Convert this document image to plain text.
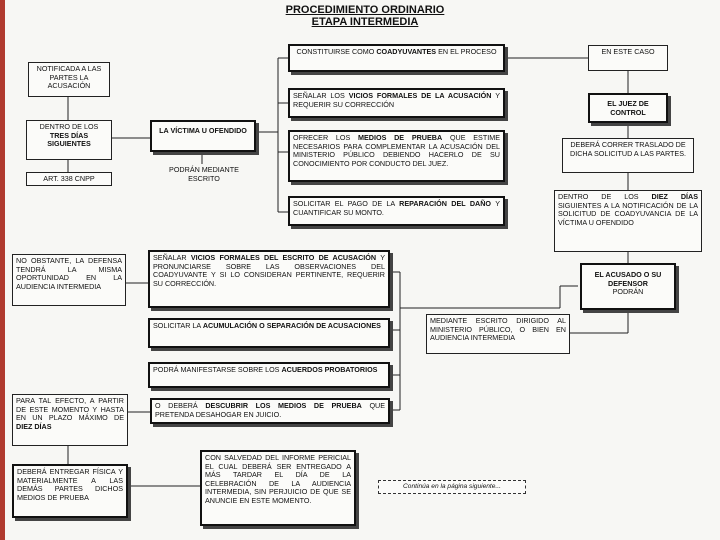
PROCEDIMIENTO ORDINARIO
ETAPA INTERMEDIA
NOTIFICADA A LAS PARTES LA ACUSACIÓN
DENTRO DE LOS TRES DÍAS SIGUIENTES
ART. 338 CNPP
LA VÍCTIMA U OFENDIDO
PODRÁN MEDIANTE ESCRITO
CONSTITUIRSE COMO COADYUVANTES EN EL PROCESO
SEÑALAR LOS VICIOS FORMALES DE LA ACUSACIÓN Y REQUERIR SU CORRECCIÓN
OFRECER LOS MEDIOS DE PRUEBA QUE ESTIME NECESARIOS PARA COMPLEMENTAR LA ACUSACIÓN DEL MINISTERIO PÚBLICO DEBIENDO HACERLO DE SU CONOCIMIENTO POR CONDUCTO DEL JUEZ.
SOLICITAR EL PAGO DE LA REPARACIÓN DEL DAÑO Y CUANTIFICAR SU MONTO.
EN ESTE CASO
EL JUEZ DE CONTROL
DEBERÁ CORRER TRASLADO DE DICHA SOLICITUD A LAS PARTES.
DENTRO DE LOS DIEZ DÍAS SIGUIENTES A LA NOTIFICACIÓN DE LA SOLICITUD DE COADYUVANCIA DE LA VÍCTIMA U OFENDIDO
EL ACUSADO O SU DEFENSOR
PODRÁN
NO OBSTANTE, LA DEFENSA TENDRÁ LA MISMA OPORTUNIDAD EN LA AUDIENCIA INTERMEDIA
SEÑALAR VICIOS FORMALES DEL ESCRITO DE ACUSACIÓN Y PRONUNCIARSE SOBRE LAS OBSERVACIONES DEL COADYUVANTE Y SI LO CONSIDERAN PERTINENTE, REQUERIR SU CORRECCIÓN.
SOLICITAR LA ACUMULACIÓN O SEPARACIÓN DE ACUSACIONES
MEDIANTE ESCRITO DIRIGIDO AL MINISTERIO PÚBLICO, O BIEN EN AUDIENCIA INTERMEDIA
PODRÁ MANIFESTARSE SOBRE LOS ACUERDOS PROBATORIOS
PARA TAL EFECTO, A PARTIR DE ESTE MOMENTO Y HASTA EN UN PLAZO MÁXIMO DE DIEZ DÍAS
O DEBERÁ DESCUBRIR LOS MEDIOS DE PRUEBA QUE PRETENDA DESAHOGAR EN JUICIO.
DEBERÁ ENTREGAR FÍSICA Y MATERIALMENTE A LAS DEMÁS PARTES DICHOS MEDIOS DE PRUEBA
CON SALVEDAD DEL INFORME PERICIAL EL CUAL DEBERÁ SER ENTREGADO A MÁS TARDAR EL DÍA DE LA CELEBRACIÓN DE LA AUDIENCIA INTERMEDIA, SIN PERJUICIO DE QUE SE ANUNCIE EN ESTE MOMENTO.
Continúa en la página siguiente...
